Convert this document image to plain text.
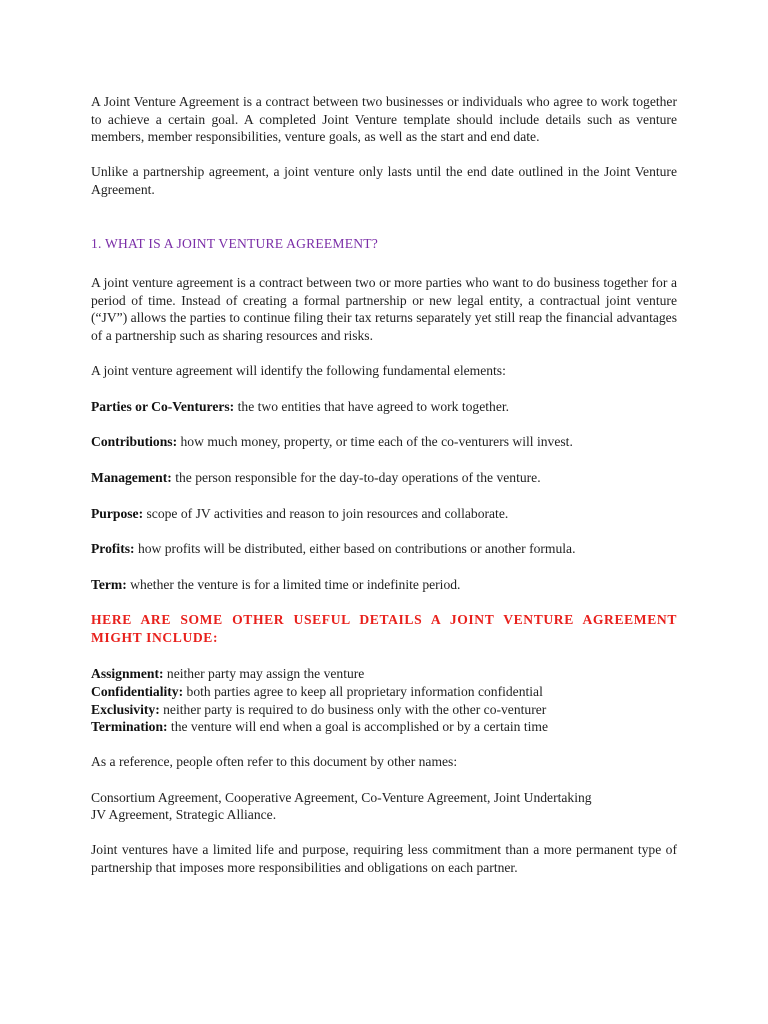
A Joint Venture Agreement is a contract between two businesses or individuals who agree to work together to achieve a certain goal. A completed Joint Venture template should include details such as venture members, member responsibilities, venture goals, as well as the start and end date.

Unlike a partnership agreement, a joint venture only lasts until the end date outlined in the Joint Venture Agreement.

1. WHAT IS A JOINT VENTURE AGREEMENT?

A joint venture agreement is a contract between two or more parties who want to do business together for a period of time. Instead of creating a formal partnership or new legal entity, a contractual joint venture (“JV”) allows the parties to continue filing their tax returns separately yet still reap the financial advantages of a partnership such as sharing resources and risks.

A joint venture agreement will identify the following fundamental elements:

Parties or Co-Venturers: the two entities that have agreed to work together.

Contributions: how much money, property, or time each of the co-venturers will invest.

Management: the person responsible for the day-to-day operations of the venture.

Purpose: scope of JV activities and reason to join resources and collaborate.

Profits: how profits will be distributed, either based on contributions or another formula.

Term: whether the venture is for a limited time or indefinite period.

HERE ARE SOME OTHER USEFUL DETAILS A JOINT VENTURE AGREEMENT MIGHT INCLUDE:

Assignment: neither party may assign the venture

Confidentiality: both parties agree to keep all proprietary information confidential

Exclusivity: neither party is required to do business only with the other co-venturer

Termination: the venture will end when a goal is accomplished or by a certain time

As a reference, people often refer to this document by other names:

Consortium Agreement, Cooperative Agreement, Co-Venture Agreement, Joint Undertaking

JV Agreement, Strategic Alliance.

Joint ventures have a limited life and purpose, requiring less commitment than a more permanent type of partnership that imposes more responsibilities and obligations on each partner.
